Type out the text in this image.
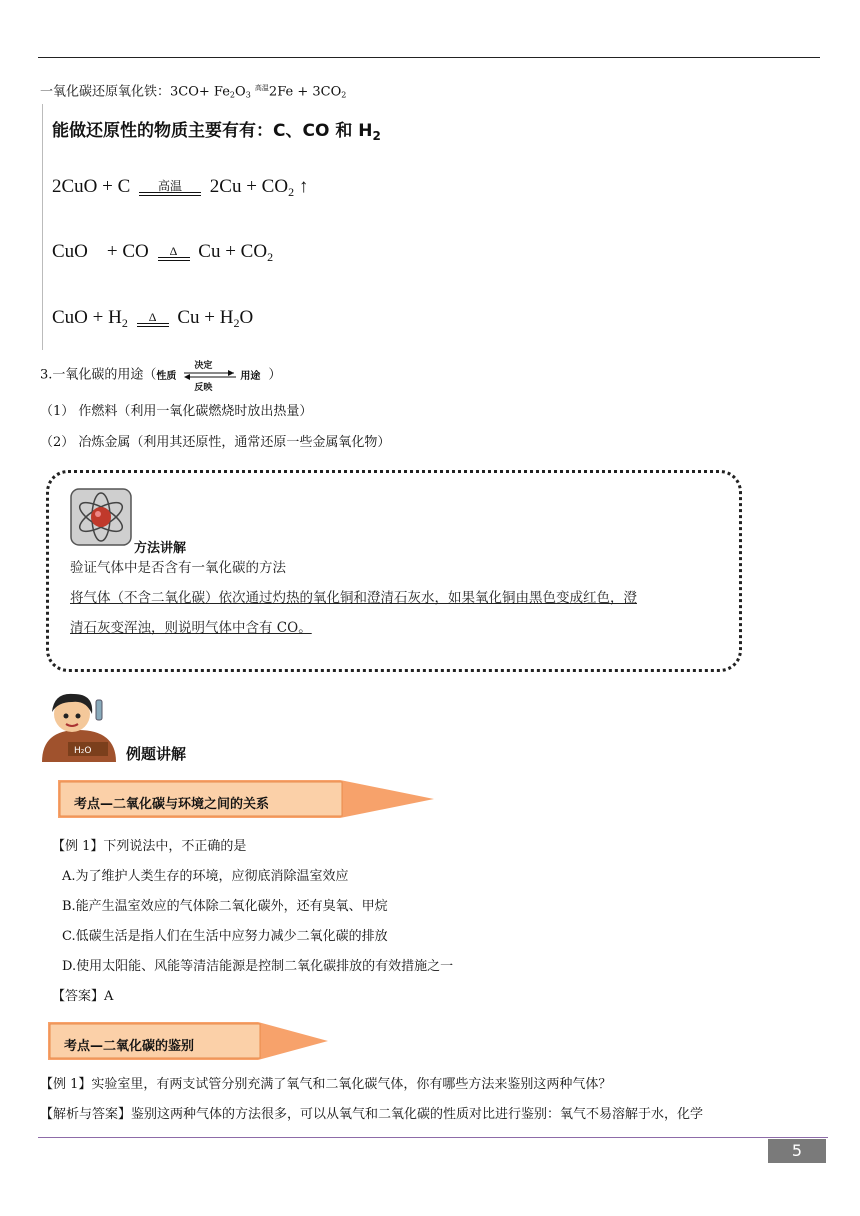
一氧化碳还原氧化铁：$3CO+ Fe_2O_3$ $^{高温}2Fe + 3CO_2$
能做还原性的物质主要有有：C、CO 和 $H_2$
2CuO + C	高温	$2Cu + CO_2$ ↑
CuO    + CO	Δ	$Cu + CO_2$
CuO + $H_2$	Δ	$Cu + H_2O$
3.一氧化碳的用途（ 性质
决定
反映
用途 ）
（1） 作燃料（利用一氧化碳燃烧时放出热量）
（2） 冶炼金属（利用其还原性，通常还原一些金属氧化物）
方法讲解
验证气体中是否含有一氧化碳的方法
将气体（不含二氧化碳）依次通过灼热的氧化铜和澄清石灰水，如果氧化铜由黑色变成红色，澄
清石灰变浑浊，则说明气体中含有 CO。
H₂O 例题讲解
考点—二氧化碳与环境之间的关系
【例 1】下列说法中，不正确的是
A.为了维护人类生存的环境，应彻底消除温室效应
B.能产生温室效应的气体除二氧化碳外，还有臭氧、甲烷
C.低碳生活是指人们在生活中应努力减少二氧化碳的排放
D.使用太阳能、风能等清洁能源是控制二氧化碳排放的有效措施之一
【答案】A
考点—二氧化碳的鉴别
【例 1】实验室里，有两支试管分别充满了氧气和二氧化碳气体，你有哪些方法来鉴别这两种气体？
【解析与答案】鉴别这两种气体的方法很多，可以从氧气和二氧化碳的性质对比进行鉴别：氧气不易溶解于水，化学
5
